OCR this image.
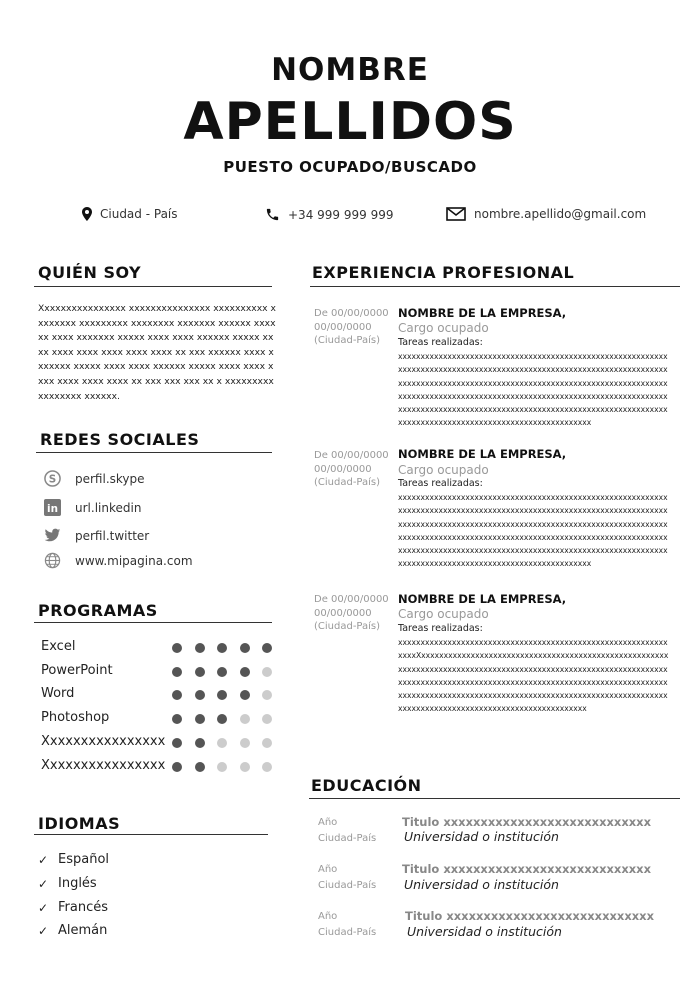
NOMBRE
APELLIDOS
PUESTO OCUPADO/BUSCADO
Ciudad - País	+34 999 999 999	nombre.apellido@gmail.com
QUIÉN SOY
Xxxxxxxxxxxxxxxx xxxxxxxxxxxxxxx xxxxxxxxxx xxxxxxxx xxxxxxxxx xxxxxxxx xxxxxxx xxxxxx xxxxxx xxxx xxxxxxx xxxxx xxxx xxxx xxxxxx xxxxx xxxx xxxx xxxx xxxx xxxx xxxx xx xxx xxxxxx xxxx xxxxxxx xxxxx xxxx xxxx xxxxxx xxxxx xxxx xxxx xxxx xxxx xxxx xxxx xx xxx xxx xxx xx x xxxxxxxxxxxxxxxxx xxxxxx.
REDES SOCIALES
S perfil.skype
in url.linkedin
perfil.twitter
www.mipagina.com
PROGRAMAS
Excel
PowerPoint
Word
Photoshop
Xxxxxxxxxxxxxxxx
Xxxxxxxxxxxxxxxx
IDIOMAS
✓ Español
✓ Inglés
✓ Francés
✓ Alemán
EXPERIENCIA PROFESIONAL
De 00/00/0000
00/00/0000
(Ciudad-País)
NOMBRE DE LA EMPRESA,
Cargo ocupado
Tareas realizadas:
xxxxxxxxxxxxxxxxxxxxxxxxxxxxxxxxxxxxxxxxxxxxxxxxxxxxxxxxxxxxxxxxxxxxxxxxxxxxxxxxxxxxxxxxxxxxxxxxxxxxxxxxxxxxxxxxxxxxxxxxxxxxxxxxxxxxxxxxxxxxxxxxxxxxxxxxxxxxxxxxxxxxxxxxxxxxxxxxxxxxxxxxxxxxxxxxxxxxxxxxxxxxxxxxxxxxxxxxxxxxxxxxxxxxxxxxxxxxxxxxxxxxxxxxxxxxxxxxxxxxxxxxxxxxxxxxxxxxxxxxxxxxxxxxxxxxxxxxxxxxxxxxxxxxxxxxxxxxxxxxxxxxxxxxxxxxxxxxxxxxxxx
De 00/00/0000
00/00/0000
(Ciudad-País)
NOMBRE DE LA EMPRESA,
Cargo ocupado
Tareas realizadas:
xxxxxxxxxxxxxxxxxxxxxxxxxxxxxxxxxxxxxxxxxxxxxxxxxxxxxxxxxxxxxxxxxxxxxxxxxxxxxxxxxxxxxxxxxxxxxxxxxxxxxxxxxxxxxxxxxxxxxxxxxxxxxxxxxxxxxxxxxxxxxxxxxxxxxxxxxxxxxxxxxxxxxxxxxxxxxxxxxxxxxxxxxxxxxxxxxxxxxxxxxxxxxxxxxxxxxxxxxxxxxxxxxxxxxxxxxxxxxxxxxxxxxxxxxxxxxxxxxxxxxxxxxxxxxxxxxxxxxxxxxxxxxxxxxxxxxxxxxxxxxxxxxxxxxxxxxxxxxxxxxxxxxxxxxxxxxxxxxxxxxxx
De 00/00/0000
00/00/0000
(Ciudad-País)
NOMBRE DE LA EMPRESA,
Cargo ocupado
Tareas realizadas:
xxxxxxxxxxxxxxxxxxxxxxxxxxxxxxxxxxxxxxxxxxxxxxxxxxxxxxxxxxxxxxxxXxxxxxxxxxxxxxxxxxxxxxxxxxxxxxxxxxxxxxxxxxxxxxxxxxxxxxxxxxxxxxxxxxxxxxxxxxxxxxxxxxxxxxxxxxxxxxxxxxxxxxxxxxxxxxxxxxxxxxxxxxxxxxxxxxxxxxxxxxxxxxxxxxxxxxxxxxxxxxxxxxxxxxxxxxxxxxxxxxxxxxxxxxxxxxxxxxxxxxxxxxxxxxxxxxxxxxxxxxxxxxxxxxxxxxxxxxxxxxxxxxxxxxxxxxxxxxxxxxxxxxxxxxxxxxxxxxxxxx
EDUCACIÓN
Año
Ciudad-País
Titulo xxxxxxxxxxxxxxxxxxxxxxxxxxxx
Universidad o institución
Año
Ciudad-País
Titulo xxxxxxxxxxxxxxxxxxxxxxxxxxxx
Universidad o institución
Año
Ciudad-País
Titulo xxxxxxxxxxxxxxxxxxxxxxxxxxxx
Universidad o institución
